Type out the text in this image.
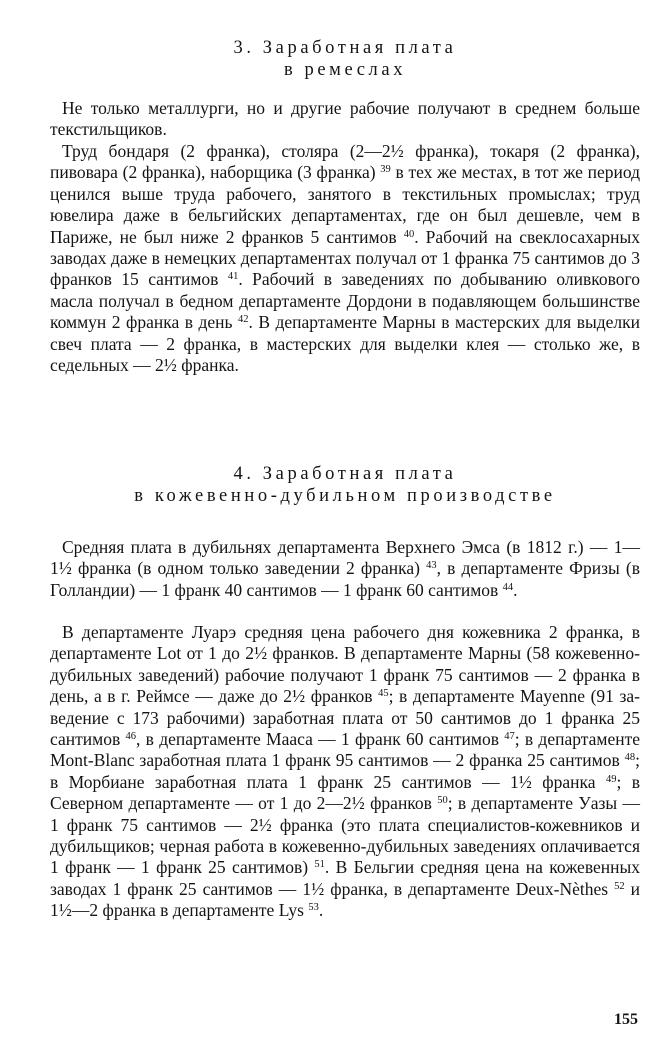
3. Заработная плата

в ремеслах

Не только металлурги, но и другие рабочие получают в среднем больше текстильщиков.

Труд бондаря (2 франка), столяра (2—2½ франка), токаря (2 франка), пивовара (2 франка), наборщика (3 франка) $^{39}$ в тех же местах, в тот же период ценился выше труда рабочего, занятого в текстильных промыслах; труд ювелира даже в бельгийских департаментах, где он был дешевле, чем в Париже, не был ниже 2 франков 5 сантимов $^{40}$. Рабочий на свеклосахарных заводах даже в немецких департаментах получал от 1 франка 75 сантимов до 3 франков 15 сантимов $^{41}$. Рабочий в заведениях по добыванию оливкового масла получал в бедном департаменте Дордони в подавляющем большинстве коммун 2 франка в день $^{42}$. В департаменте Марны в мастерских для выделки свеч плата — 2 франка, в мастерских для выделки клея — столько же, в седельных — 2½ франка.

4. Заработная плата

в кожевенно-дубильном производстве

Средняя плата в дубильнях департамента Верхнего Эмса (в 1812 г.) — 1—1½ франка (в одном только заведении 2 франка) $^{43}$, в департаменте Фризы (в Голландии) — 1 франк 40 сантимов — 1 франк 60 сантимов $^{44}$.

В департаменте Луарэ средняя цена рабочего дня кожевника 2 франка, в департаменте Lot от 1 до 2½ франков. В департаменте Марны (58 кожевенно-дубильных заведений) рабочие получают 1 франк 75 сантимов — 2 франка в день, а в г. Реймсе — даже до 2½ франков $^{45}$; в департаменте Mayenne (91 заведение с 173 рабочими) заработная плата от 50 сантимов до 1 франка 25 сантимов $^{46}$, в департаменте Мааса — 1 франк 60 сантимов $^{47}$; в департаменте Mont-Blanc заработная плата 1 франк 95 сантимов — 2 франка 25 сантимов $^{48}$; в Морбиане заработная плата 1 франк 25 сантимов — 1½ франка $^{49}$; в Северном департаменте — от 1 до 2—2½ франков $^{50}$; в департаменте Уазы — 1 франк 75 сантимов — 2½ франка (это плата специалистов-кожевников и дубильщиков; черная работа в кожевенно-дубильных заведениях оплачивается 1 франк — 1 франк 25 сантимов) $^{51}$. В Бельгии средняя цена на кожевенных заводах 1 франк 25 сантимов — 1½ франка, в департаменте Deux-Nèthes $^{52}$ и 1½—2 франка в департаменте Lys $^{53}$.

155
